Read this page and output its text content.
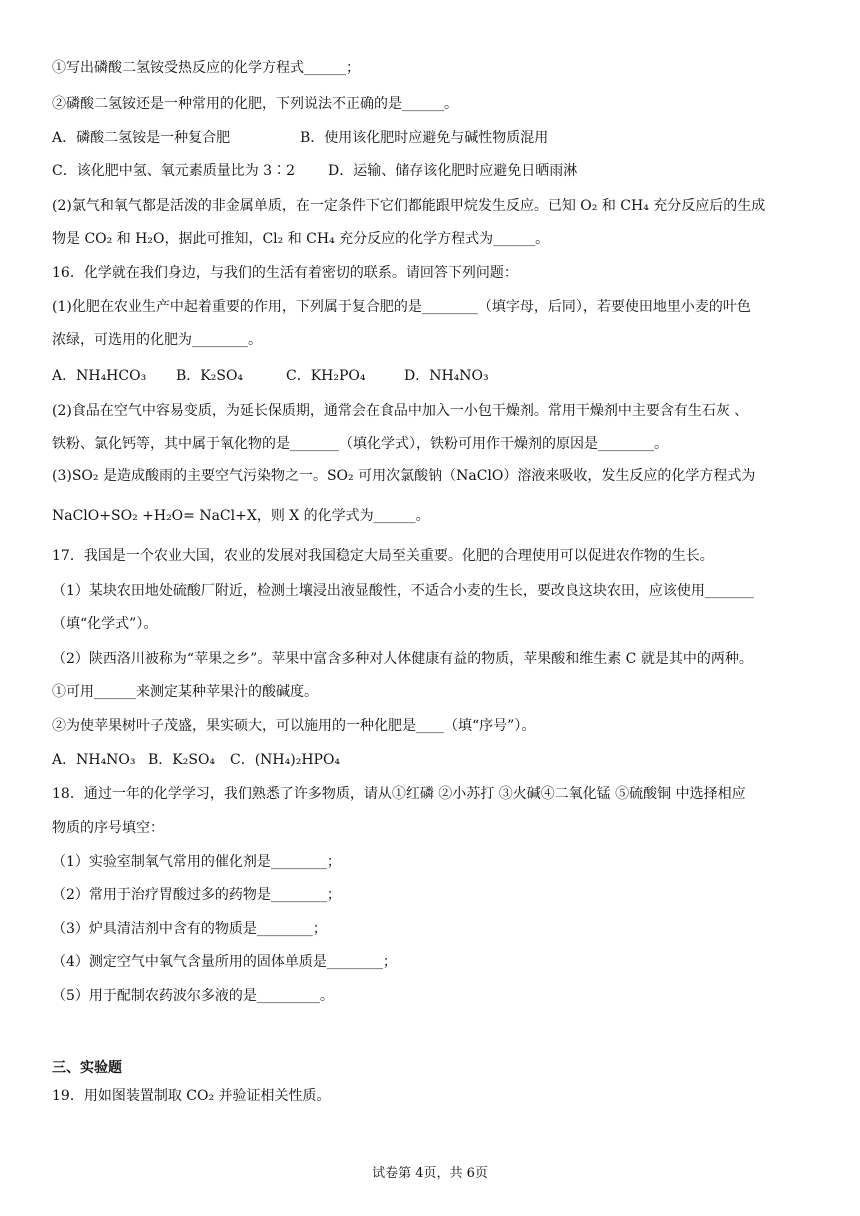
①写出磷酸二氢铵受热反应的化学方程式______；
②磷酸二氢铵还是一种常用的化肥，下列说法不正确的是______。
A．磷酸二氢铵是一种复合肥	B．使用该化肥时应避免与碱性物质混用
C．该化肥中氢、氧元素质量比为 3∶2 D．运输、储存该化肥时应避免日晒雨淋
(2)氯气和氧气都是活泼的非金属单质，在一定条件下它们都能跟甲烷发生反应。已知 O₂ 和 CH₄ 充分反应后的生成
物是 CO₂ 和 H₂O，据此可推知，Cl₂ 和 CH₄ 充分反应的化学方程式为______。
16．化学就在我们身边，与我们的生活有着密切的联系。请回答下列问题：
(1)化肥在农业生产中起着重要的作用，下列属于复合肥的是________（填字母，后同），若要使田地里小麦的叶色
浓绿，可选用的化肥为________。
A．NH₄HCO₃ B．K₂SO₄	C．KH₂PO₄	D．NH₄NO₃
(2)食品在空气中容易变质，为延长保质期，通常会在食品中加入一小包干燥剂。常用干燥剂中主要含有生石灰 、
铁粉、氯化钙等，其中属于氧化物的是_______（填化学式），铁粉可用作干燥剂的原因是________。
(3)SO₂ 是造成酸雨的主要空气污染物之一。SO₂ 可用次氯酸钠（NaClO）溶液来吸收，发生反应的化学方程式为
NaClO+SO₂ +H₂O= NaCl+X，则 X 的化学式为______。
17．我国是一个农业大国，农业的发展对我国稳定大局至关重要。化肥的合理使用可以促进农作物的生长。
（1）某块农田地处硫酸厂附近，检测土壤浸出液显酸性，不适合小麦的生长，要改良这块农田，应该使用_______
（填“化学式”）。
（2）陕西洛川被称为“苹果之乡”。苹果中富含多种对人体健康有益的物质，苹果酸和维生素 C 就是其中的两种。
①可用______来测定某种苹果汁的酸碱度。
②为使苹果树叶子茂盛，果实硕大，可以施用的一种化肥是____（填“序号”）。
A．NH₄NO₃ B．K₂SO₄ C．(NH₄)₂HPO₄
18．通过一年的化学学习，我们熟悉了许多物质，请从①红磷 ②小苏打 ③火碱④二氧化锰 ⑤硫酸铜 中选择相应
物质的序号填空：
（1）实验室制氧气常用的催化剂是________；
（2）常用于治疗胃酸过多的药物是________；
（3）炉具清洁剂中含有的物质是________；
（4）测定空气中氧气含量所用的固体单质是________；
（5）用于配制农药波尔多液的是_________。
三、实验题
19．用如图装置制取 CO₂ 并验证相关性质。
试卷第 4页，共 6页
